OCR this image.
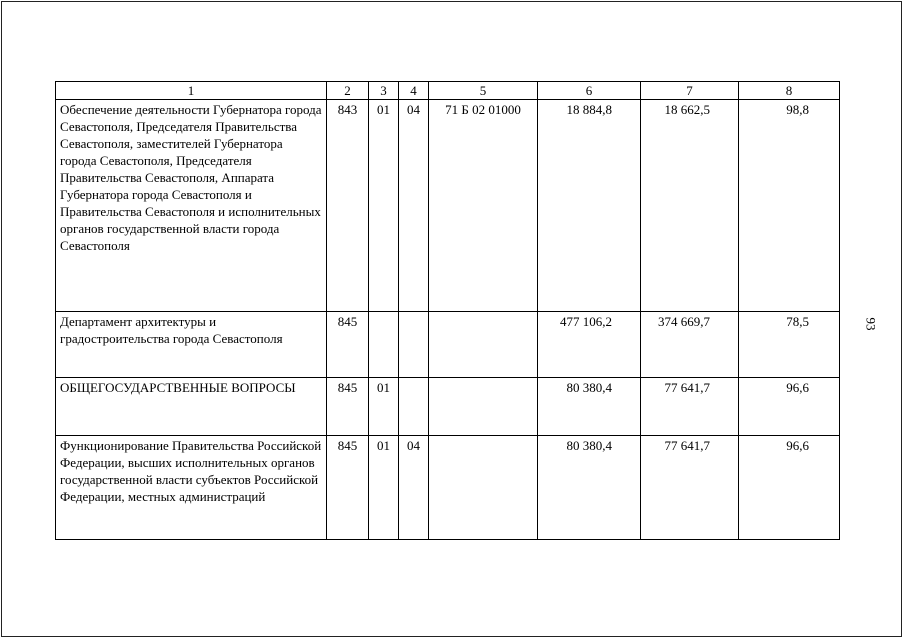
1	2	3	4	5	6	7	8
Обеспечение деятельности Губернатора города Севастополя, Председателя Правительства Севастополя, заместителей Губернатора города Севастополя, Председателя Правительства Севастополя, Аппарата Губернатора города Севастополя и Правительства Севастополя и исполнительных органов государственной власти города Севастополя	843	01	04	71 Б 02 01000	18 884,8	18 662,5	98,8
Департамент архитектуры и градостроительства города Севастополя	845				477 106,2	374 669,7	78,5
ОБЩЕГОСУДАРСТВЕННЫЕ ВОПРОСЫ	845	01			80 380,4	77 641,7	96,6
Функционирование Правительства Российской Федерации, высших исполнительных органов государственной власти субъектов Российской Федерации, местных администраций	845	01	04		80 380,4	77 641,7	96,6
93
